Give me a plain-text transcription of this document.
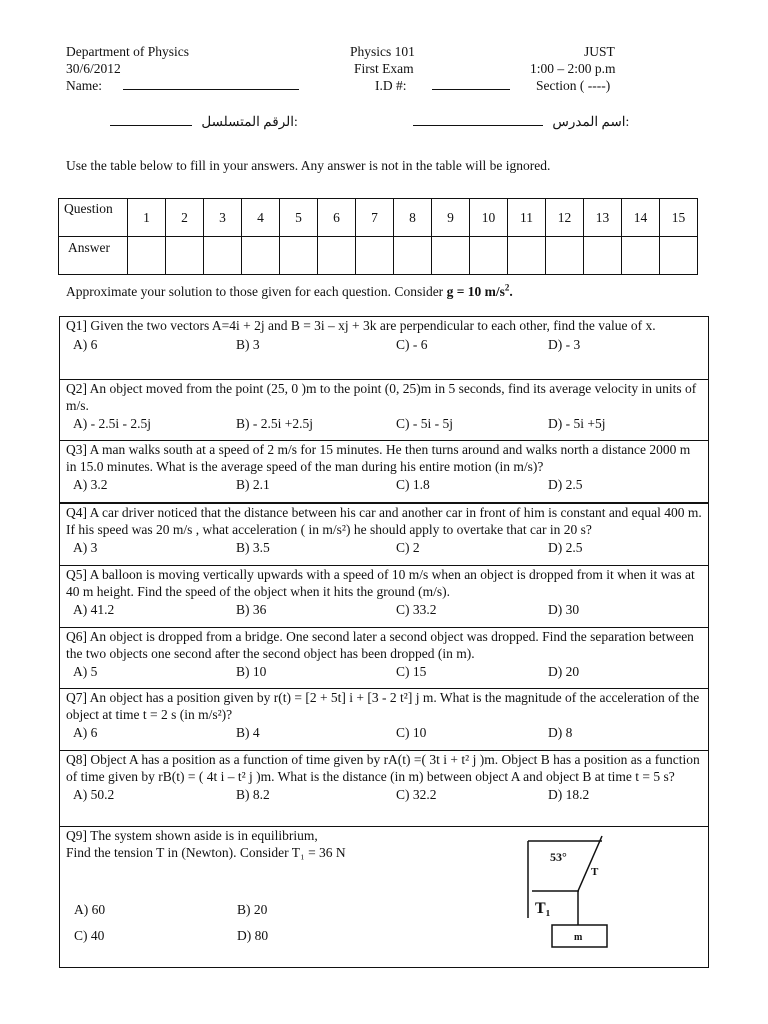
Department of Physics
30/6/2012
Name:
Physics 101
First Exam
I.D #:
JUST
1:00 – 2:00 p.m
Section ( ----)
:الرقم المتسلسل	:اسم المدرس
Use the table below to fill in your answers. Any answer is not in the table will be ignored.
Question	1	2	3	4	5	6	7	8	9	10	11	12	13	14	15
Answer															
Approximate your solution to those given for each question. Consider g = 10 $m/s^2$.
Q1] Given the two vectors A=4i + 2j and B = 3i – xj + 3k are perpendicular to each other, find the value of x.
A) 6	B) 3	C) - 6	D) - 3
Q2] An object moved from the point (25, 0 )m to the point (0, 25)m in 5 seconds, find its average velocity in units of m/s.
A) - 2.5i - 2.5j	B) - 2.5i +2.5j	C) - 5i - 5j	D) - 5i +5j
Q3] A man walks south at a speed of 2 m/s for 15 minutes. He then turns around and walks north a distance 2000 m in 15.0 minutes. What is the average speed of the man during his entire motion (in m/s)?
A) 3.2	B) 2.1	C) 1.8	D) 2.5
Q4] A car driver noticed that the distance between his car and another car in front of him is constant and equal 400 m. If his speed was 20 m/s , what acceleration ( in m/s²) he should apply to overtake that car in 20 s?
A) 3	B) 3.5	C) 2	D) 2.5
Q5] A balloon is moving vertically upwards with a speed of 10 m/s when an object is dropped from it when it was at 40 m height. Find the speed of the object when it hits the ground (m/s).
A) 41.2	B) 36	C) 33.2	D) 30
Q6] An object is dropped from a bridge. One second later a second object was dropped. Find the separation between the two objects one second after the second object has been dropped (in m).
A) 5	B) 10	C) 15	D) 20
Q7] An object has a position given by r(t) = [2 + 5t] i + [3 - 2 t²] j m. What is the magnitude of the acceleration of the object at time t = 2 s (in m/s²)?
A) 6	B) 4	C) 10	D) 8
Q8] Object A has a position as a function of time given by rA(t) =( 3t i + t² j )m. Object B has a position as a function of time given by rB(t) = ( 4t i – t² j )m. What is the distance (in m) between object A and object B at time t = 5 s?
A) 50.2	B) 8.2	C) 32.2	D) 18.2
Q9] The system shown aside is in equilibrium,
Find the tension T in (Newton). Consider T₁ = 36 N
A) 60	B) 20
C) 40	D) 80
53°
T
T₁
m
